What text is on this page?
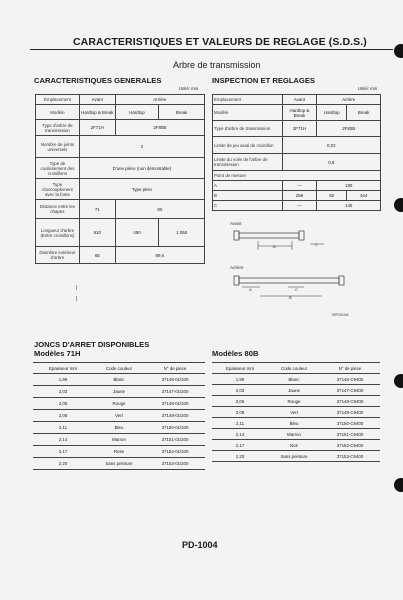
CARACTERISTIQUES ET VALEURS DE REGLAGE (S.D.S.)
Arbre de transmission
CARACTERISTIQUES GENERALES
Unité: mm
Emplacement	Avant	Arrière	
Modèle	Hardtop & Break	Hardtop	Break
Type d'arbre de transmission	2F71H	2F80B	
Nombre de joints universels	2		
Type de coulissement des croisillons	D'une pièce (non démontable)		
Type d'accouplement avec la fonte	Type plein		
Distance entre les chapes	71	80	
Longueur d'arbre (Entre croisillons)	610	490	1.055
Diamètre extérieur d'arbre	65	89,6	
INSPECTION ET REGLAGES
Unité: mm
Emplacement	Avant	Arrière	
Modèle	Hardtop & Break	Hardtop	Break
Type d'arbre de transmission	2F71H	2F80B	
Limite de jeu axial de croisillon	0,02		
Limite du voile de l'arbre de transmission	0,6		
Point de mesure			
A	—	180	
B	258	82	344
C	—	140	
Avant
B	C
Arrière
A	C
B
SPD010A
JONCS D'ARRET DISPONIBLES
Modèles 71H
Epaisseur mm	Code couleur	N° de pièce
1,99	Blanc	37146-01G00
2,02	Jaune	37147-01G00
2,05	Rouge	37148-01G00
2,08	Vert	37149-01G00
2,11	Bleu	37150-01G00
2,14	Marron	37151-01G00
2,17	Rose	37152-01G00
2,20	Sans peinture	37153-01G00
Modèles 80B
Epaisseur mm	Code couleur	N° de pièce
1,99	Blanc	37146-C9400
2,02	Jaune	37147-C9400
2,05	Rouge	37148-C9400
2,08	Vert	37149-C9400
2,11	Bleu	37150-C9400
2,14	Marron	37151-C9400
2,17	Noir	37152-C9400
2,20	Sans peinture	37153-C9400
PD-1004
